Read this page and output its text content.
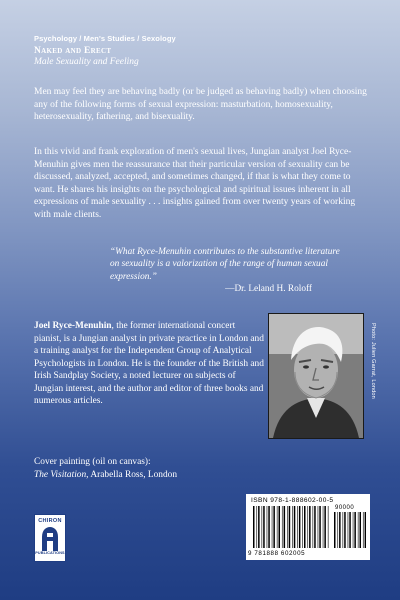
Psychology / Men's Studies / Sexology
Naked and Erect
Male Sexuality and Feeling

Men may feel they are behaving badly (or be judged as behaving badly) when choosing any of the following forms of sexual expression: masturbation, homosexuality, heterosexuality, fathering, and bisexuality.

In this vivid and frank exploration of men's sexual lives, Jungian analyst Joel Ryce-Menuhin gives men the reassurance that their particular version of sexuality can be discussed, analyzed, accepted, and sometimes changed, if that is what they come to want. He shares his insights on the psychological and spiritual issues inherent in all expressions of male sexuality . . . insights gained from over twenty years of working with male clients.

“What Ryce-Menuhin contributes to the substantive literature on sexuality is a valorization of the range of human sexual expression.”
—Dr. Leland H. Roloff
Joel Ryce-Menuhin, the former international concert pianist, is a Jungian analyst in private practice in London and a training analyst for the Independent Group of Analytical Psychologists in London. He is the founder of the British and Irish Sandplay Society, a noted lecturer on subjects of Jungian interest, and the author and editor of three books and numerous articles.
Photo: Julien Garrat, London
Cover painting (oil on canvas):
The Visitation, Arabella Ross, London
CHIRON
PUBLICATIONS
ISBN 978-1-888602-00-5
90000
9 781888 602005
